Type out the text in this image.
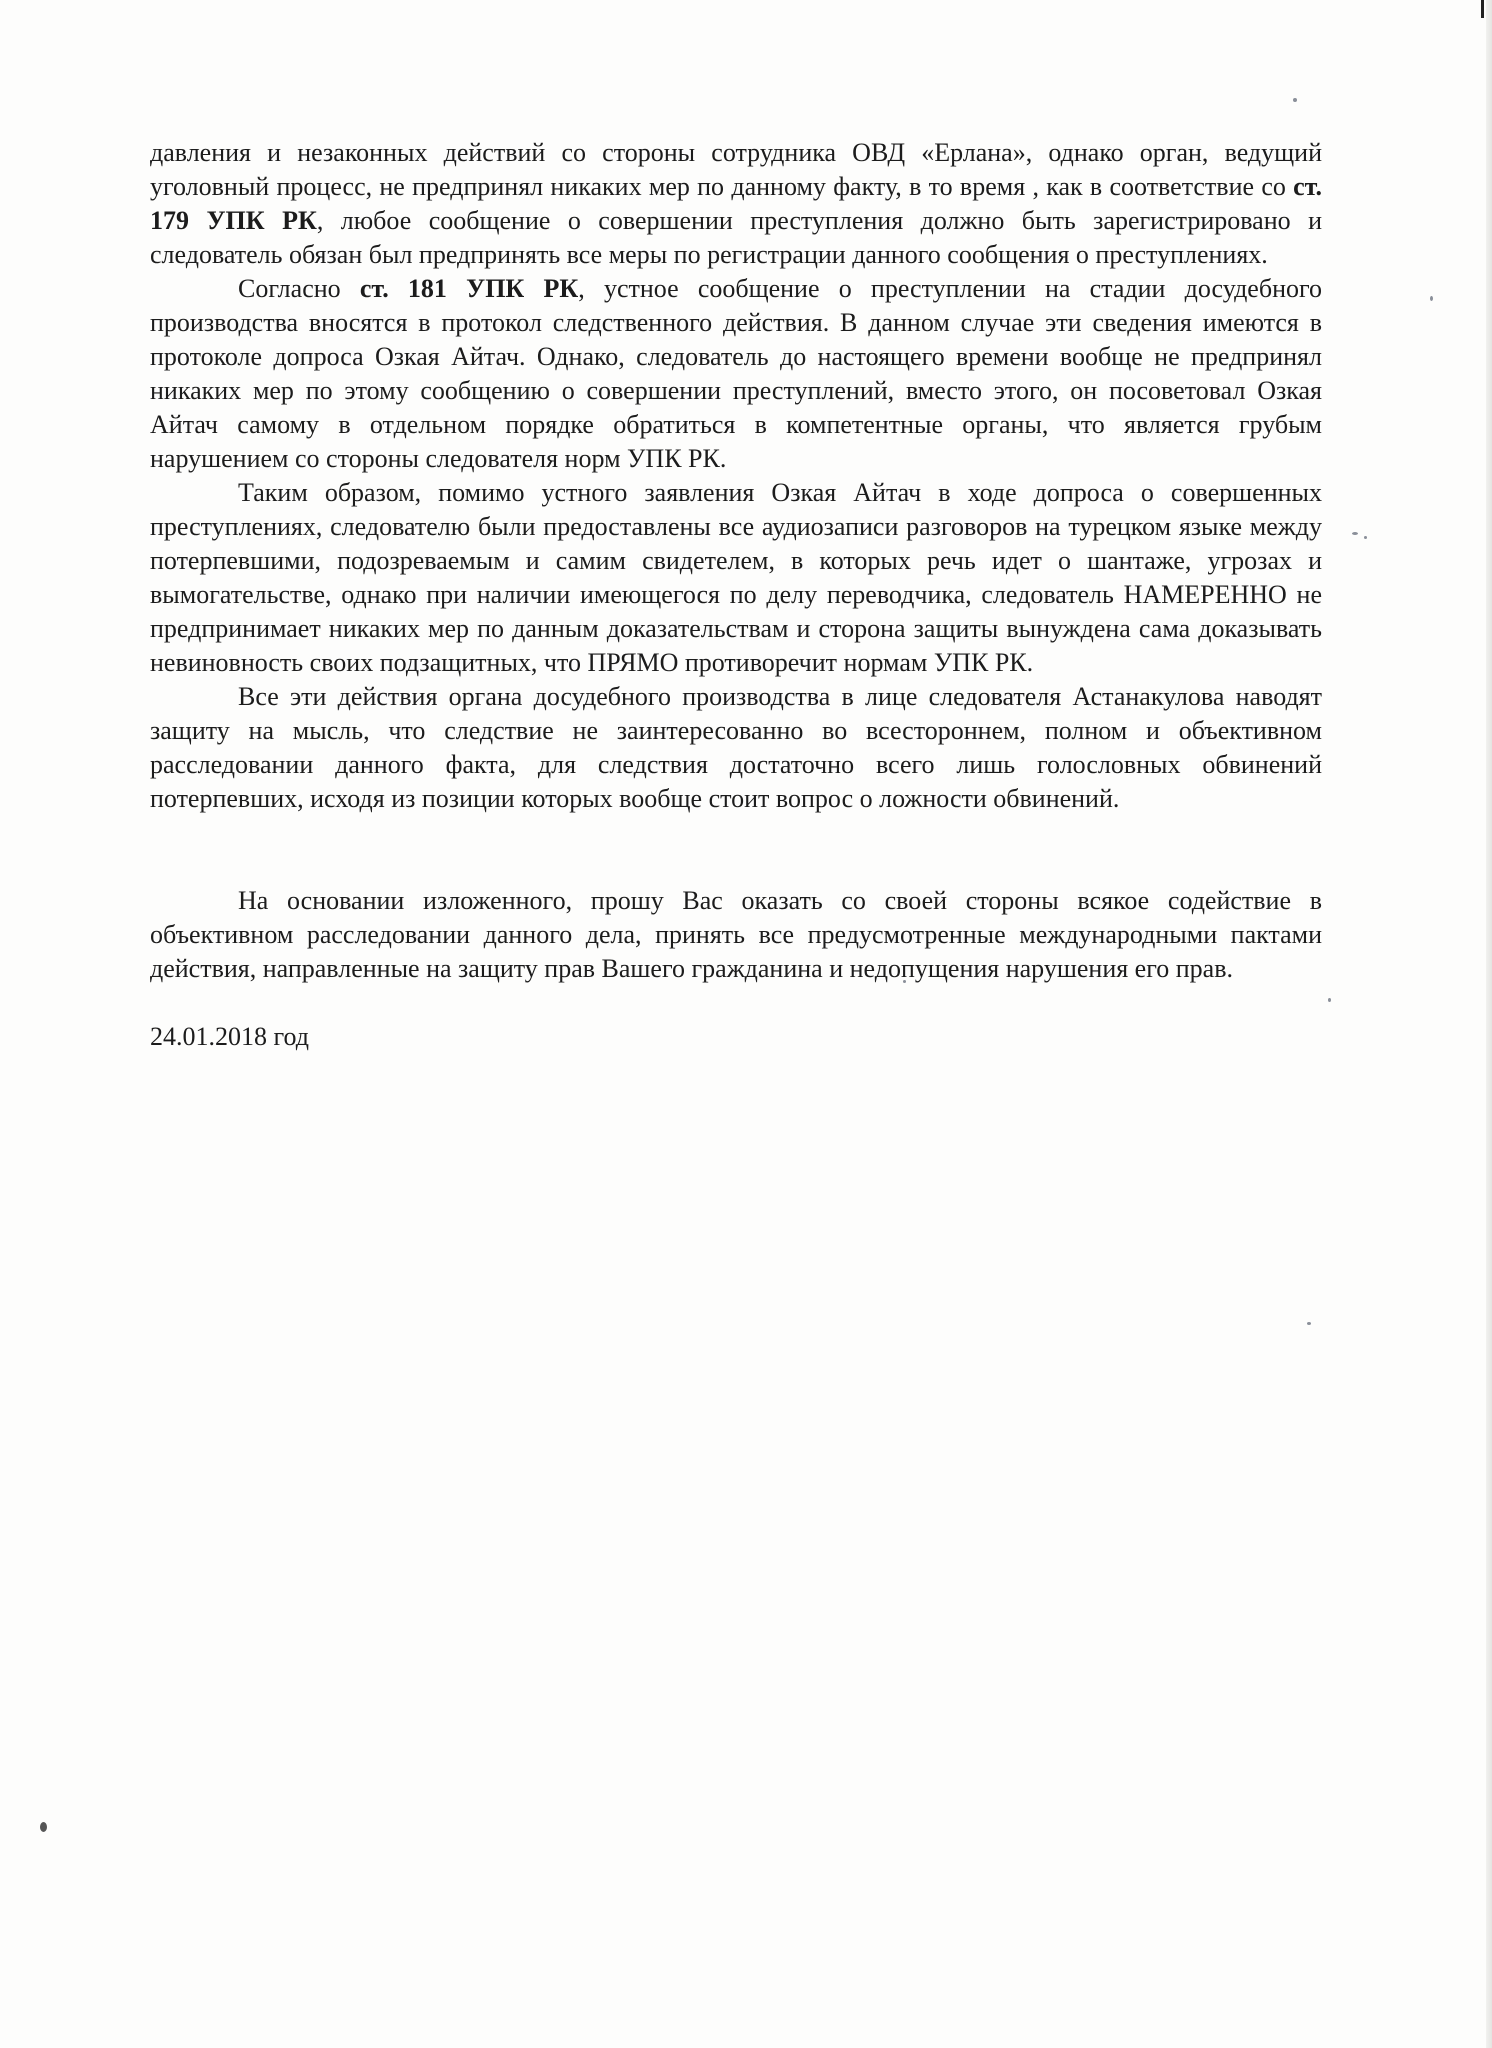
давления и незаконных действий со стороны сотрудника ОВД «Ерлана», однако орган, ведущий уголовный процесс, не предпринял никаких мер по данному факту, в то время , как в соответствие со ст. 179 УПК РК, любое сообщение о совершении преступления должно быть зарегистрировано и следователь обязан был предпринять все меры по регистрации данного сообщения о преступлениях.

Согласно ст. 181 УПК РК, устное сообщение о преступлении на стадии досудебного производства вносятся в протокол следственного действия. В данном случае эти сведения имеются в протоколе допроса Озкая Айтач. Однако, следователь до настоящего времени вообще не предпринял никаких мер по этому сообщению о совершении преступлений, вместо этого, он посоветовал Озкая Айтач самому в отдельном порядке обратиться в компетентные органы, что является грубым нарушением со стороны следователя норм УПК РК.

Таким образом, помимо устного заявления Озкая Айтач в ходе допроса о совершенных преступлениях, следователю были предоставлены все аудиозаписи разговоров на турецком языке между потерпевшими, подозреваемым и самим свидетелем, в которых речь идет о шантаже, угрозах и вымогательстве, однако при наличии имеющегося по делу переводчика, следователь НАМЕРЕННО не предпринимает никаких мер по данным доказательствам и сторона защиты вынуждена сама доказывать невиновность своих подзащитных, что ПРЯМО противоречит нормам УПК РК.

Все эти действия органа досудебного производства в лице следователя Астанакулова наводят защиту на мысль, что следствие не заинтересованно во всестороннем, полном и объективном расследовании данного факта, для следствия достаточно всего лишь голословных обвинений потерпевших, исходя из позиции которых вообще стоит вопрос о ложности обвинений.

На основании изложенного, прошу Вас оказать со своей стороны всякое содействие в объективном расследовании данного дела, принять все предусмотренные международными пактами действия, направленные на защиту прав Вашего гражданина и недопущения нарушения его прав.

24.01.2018 год
